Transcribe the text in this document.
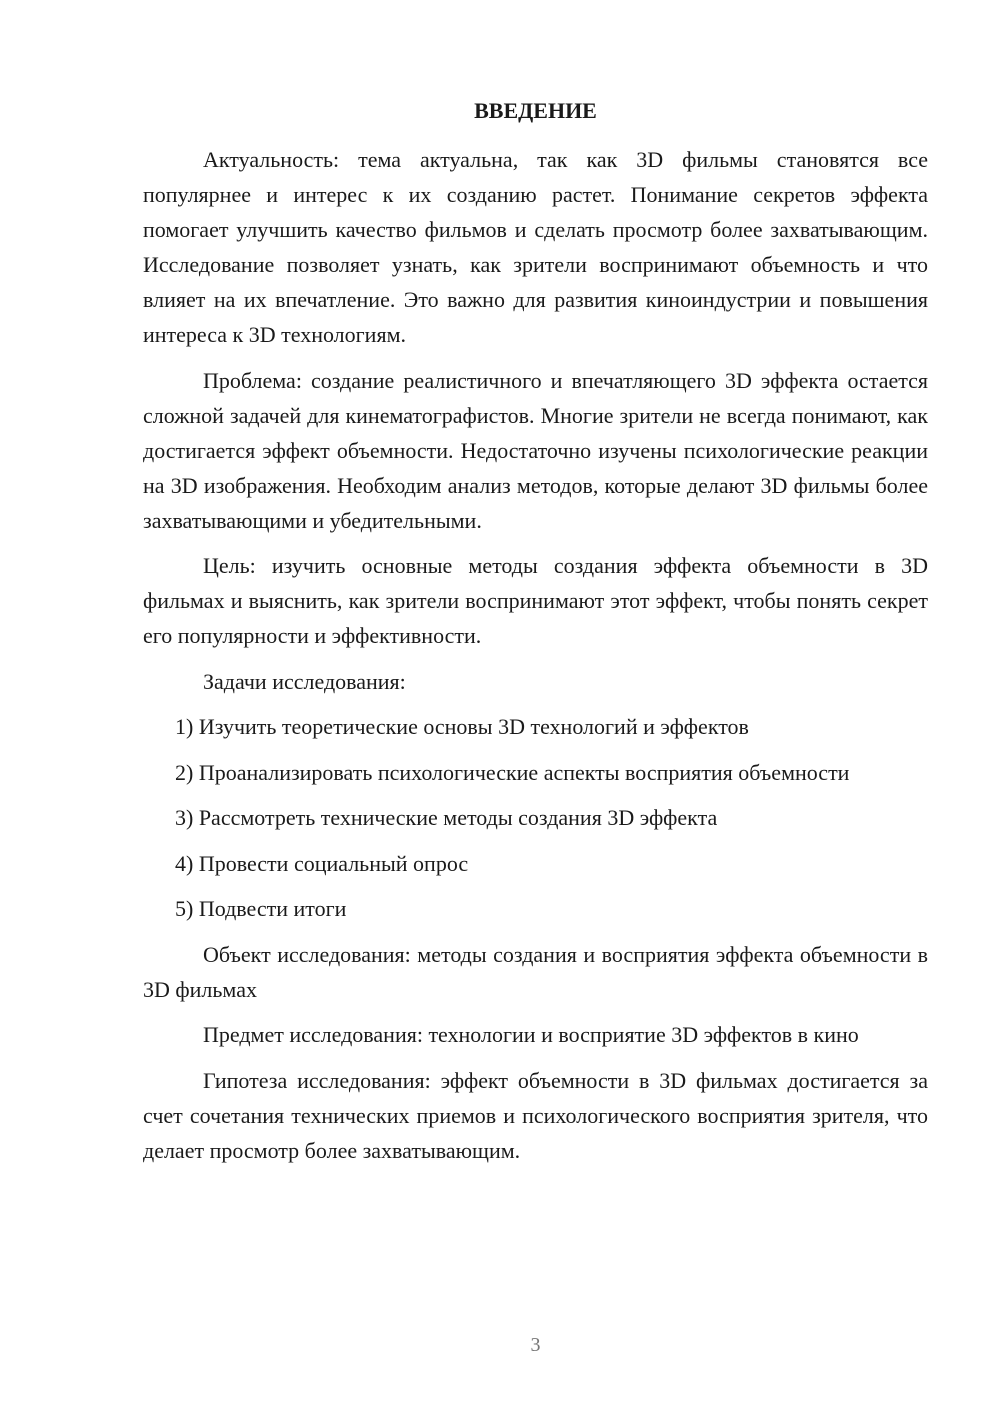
ВВЕДЕНИЕ

Актуальность: тема актуальна, так как 3D фильмы становятся все популярнее и интерес к их созданию растет. Понимание секретов эффекта помогает улучшить качество фильмов и сделать просмотр более захватывающим. Исследование позволяет узнать, как зрители воспринимают объемность и что влияет на их впечатление. Это важно для развития киноиндустрии и повышения интереса к 3D технологиям.

Проблема: создание реалистичного и впечатляющего 3D эффекта остается сложной задачей для кинематографистов. Многие зрители не всегда понимают, как достигается эффект объемности. Недостаточно изучены психологические реакции на 3D изображения. Необходим анализ методов, которые делают 3D фильмы более захватывающими и убедительными.

Цель: изучить основные методы создания эффекта объемности в 3D фильмах и выяснить, как зрители воспринимают этот эффект, чтобы понять секрет его популярности и эффективности.

Задачи исследования:

1) Изучить теоретические основы 3D технологий и эффектов

2) Проанализировать психологические аспекты восприятия объемности

3) Рассмотреть технические методы создания 3D эффекта

4) Провести социальный опрос

5) Подвести итоги

Объект исследования: методы создания и восприятия эффекта объемности в 3D фильмах

Предмет исследования: технологии и восприятие 3D эффектов в кино

Гипотеза исследования: эффект объемности в 3D фильмах достигается за счет сочетания технических приемов и психологического восприятия зрителя, что делает просмотр более захватывающим.

3
